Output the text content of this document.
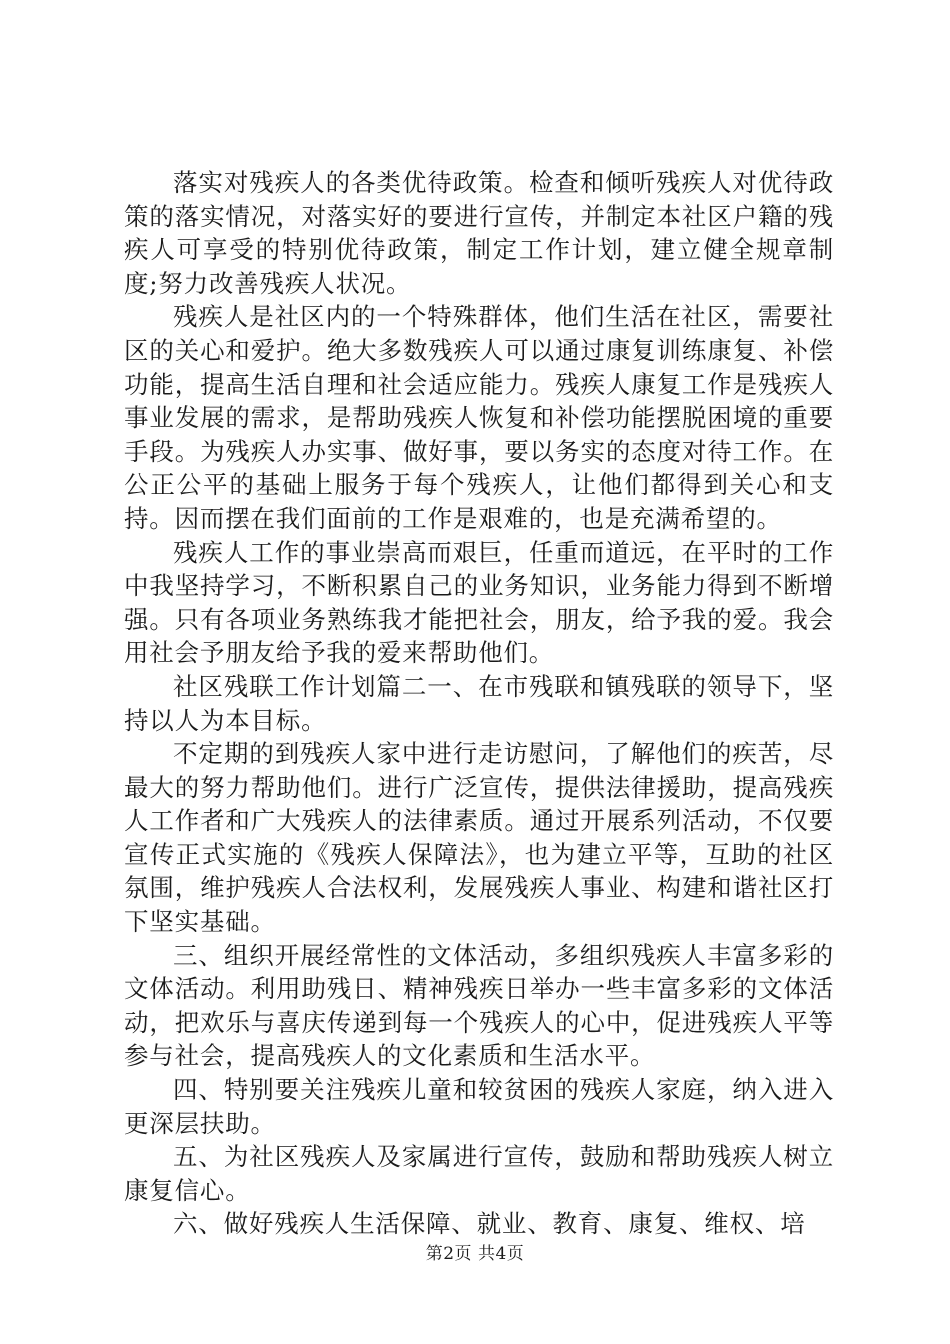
落实对残疾人的各类优待政策。检查和倾听残疾人对优待政策的落实情况，对落实好的要进行宣传，并制定本社区户籍的残疾人可享受的特别优待政策，制定工作计划，建立健全规章制度;努力改善残疾人状况。

残疾人是社区内的一个特殊群体，他们生活在社区，需要社区的关心和爱护。绝大多数残疾人可以通过康复训练康复、补偿功能，提高生活自理和社会适应能力。残疾人康复工作是残疾人事业发展的需求，是帮助残疾人恢复和补偿功能摆脱困境的重要手段。为残疾人办实事、做好事，要以务实的态度对待工作。在公正公平的基础上服务于每个残疾人，让他们都得到关心和支持。因而摆在我们面前的工作是艰难的，也是充满希望的。

残疾人工作的事业崇高而艰巨，任重而道远，在平时的工作中我坚持学习，不断积累自己的业务知识，业务能力得到不断增强。只有各项业务熟练我才能把社会，朋友，给予我的爱。我会用社会予朋友给予我的爱来帮助他们。

社区残联工作计划篇二一、在市残联和镇残联的领导下，坚持以人为本目标。

不定期的到残疾人家中进行走访慰问，了解他们的疾苦，尽最大的努力帮助他们。进行广泛宣传，提供法律援助，提高残疾人工作者和广大残疾人的法律素质。通过开展系列活动，不仅要宣传正式实施的《残疾人保障法》，也为建立平等，互助的社区氛围，维护残疾人合法权利，发展残疾人事业、构建和谐社区打下坚实基础。

三、组织开展经常性的文体活动，多组织残疾人丰富多彩的文体活动。利用助残日、精神残疾日举办一些丰富多彩的文体活动，把欢乐与喜庆传递到每一个残疾人的心中，促进残疾人平等参与社会，提高残疾人的文化素质和生活水平。

四、特别要关注残疾儿童和较贫困的残疾人家庭，纳入进入更深层扶助。

五、为社区残疾人及家属进行宣传，鼓励和帮助残疾人树立康复信心。

六、做好残疾人生活保障、就业、教育、康复、维权、培

第2页 共4页
